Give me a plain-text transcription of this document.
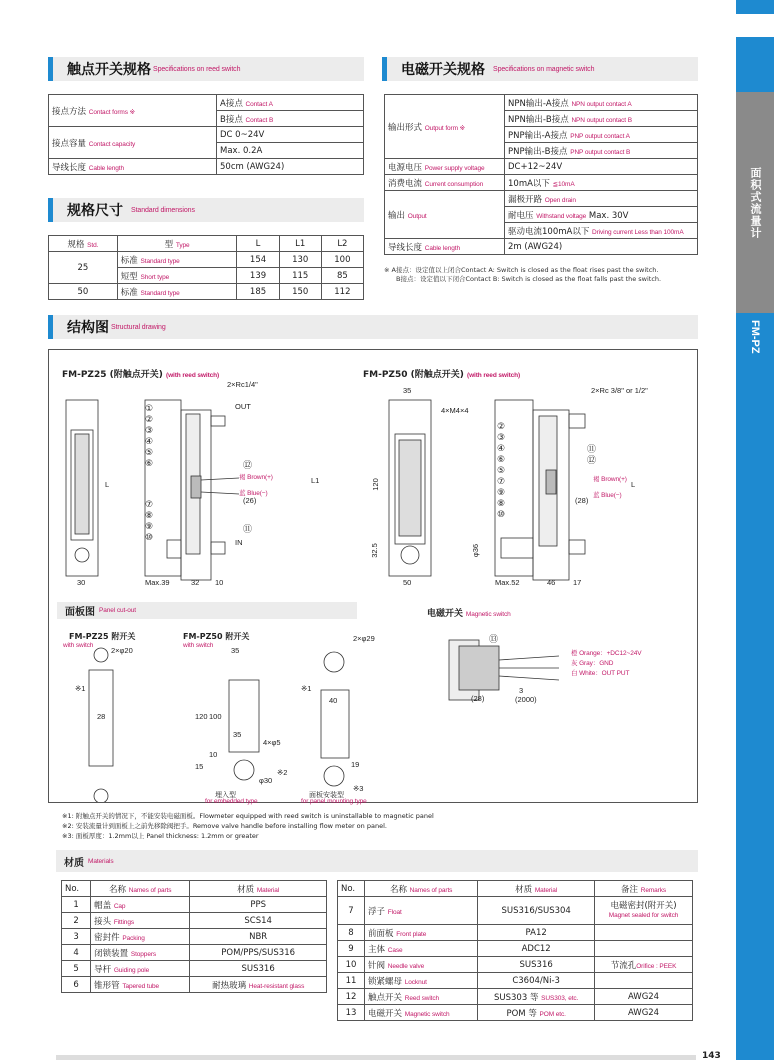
面积式流量计
FM-PZ
触点开关规格 Specifications on reed switch
接点方法 Contact forms ※	A接点 Contact A
	B接点 Contact B
接点容量 Contact capacity	DC 0~24V
	Max. 0.2A
导线长度 Cable length	50cm (AWG24)
规格尺寸 Standard dimensions
规格 Std.	型 Type	L	L1	L2
25	标准 Standard type	154	130	100
	短型 Short type	139	115	85
50	标准 Standard type	185	150	112
电磁开关规格 Specifications on magnetic switch
输出形式 Output form ※	NPN输出-A接点 NPN output contact A
	NPN输出-B接点 NPN output contact B
	PNP输出-A接点 PNP output contact A
	PNP输出-B接点 PNP output contact B
电源电压 Power supply voltage	DC+12~24V
消费电流 Current consumption	10mA以下 ≦10mA
输出 Output	漏极开路 Open drain
	耐电压 Withstand voltage Max. 30V
	驱动电流100mA以下 Driving current Less than 100mA
导线长度 Cable length	2m (AWG24)
※ A接点：设定值以上闭合Contact A: Switch is closed as the float rises past the switch.
B接点：设定值以下闭合Contact B: Switch is closed as the float falls past the switch.
结构图 Structural drawing
FM-PZ25 (附触点开关) (with reed switch)	FM-PZ50 (附触点开关) (with reed switch)
2×Rc1/4"
OUT
IN
褐 Brown(+)
蓝 Blue(−)
(26)
L	L1
30	Max.39	32 10
①
②
③
④
⑤
⑥
⑦
⑧
⑨
⑩
⑫
⑪
2×Rc 3/8" or 1/2"
4×M4×4
35
120
32.5	φ36
50	Max.52	46 17
褐 Brown(+)
蓝 Blue(−)
(28)
L
②
③
④
⑥
⑤
⑦
⑨
⑧
⑩
⑪
⑫
面板图 Panel cut-out
FM-PZ25 附开关
with switch
2×φ20
28
※1
FM-PZ50 附开关
with switch
35
120 100
35
4×φ5
15
10
φ30
※2
埋入型
for embedded type
2×φ29
※1
40
19
※3
面板安装型
for panel mounting type
电磁开关 Magnetic switch
⑬
橙 Orange：+DC12~24V
灰 Gray：GND
白 White：OUT PUT
(28)
3
(2000)
※1: 附触点开关的情况下，不能安装电磁面板。Flowmeter equipped with reed switch is uninstallable to magnetic panel
※2: 安装流量计到面板上之前先移除阀把手。Remove valve handle before installing flow meter on panel.
※3: 面板厚度：1.2mm以上 Panel thickness: 1.2mm or greater
材质 Materials
No.	名称 Names of parts	材质 Material
1	帽盖 Cap	PPS
2	接头 Fittings	SCS14
3	密封件 Packing	NBR
4	闭锁装置 Stoppers	POM/PPS/SUS316
5	导杆 Guiding pole	SUS316
6	锥形管 Tapered tube	耐热玻璃 Heat-resistant glass
No.	名称 Names of parts	材质 Material	备注 Remarks
7	浮子 Float	SUS316/SUS304	电磁密封(附开关)
Magnet sealed for switch
8	前面板 Front plate	PA12	
9	主体 Case	ADC12	
10	针阀 Needle valve	SUS316	节流孔Orifice : PEEK
11	锁紧螺母 Locknut	C3604/Ni-3	
12	触点开关 Reed switch	SUS303 等 SUS303, etc.	AWG24
13	电磁开关 Magnetic switch	POM 等 POM etc.	AWG24
143
